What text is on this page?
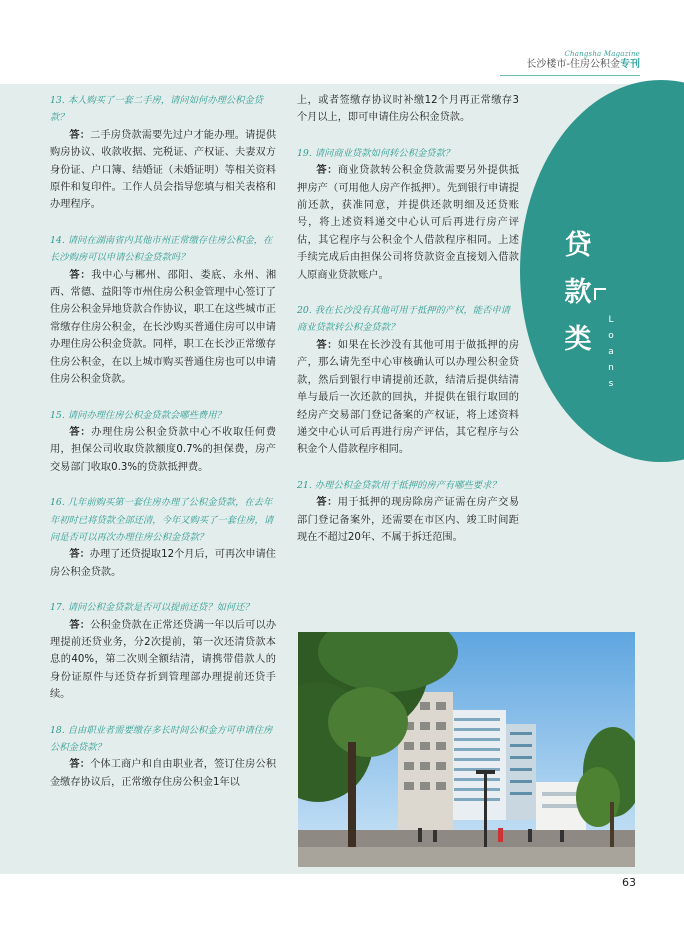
Changsha Magazine
长沙楼市-住房公积金专刊
贷
款
类
L
o
a
n
s

13. 本人购买了一套二手房，请问如何办理公积金贷款？

答：二手房贷款需要先过户才能办理。请提供购房协议、收款收据、完税证、产权证、夫妻双方身份证、户口簿、结婚证（未婚证明）等相关资料原件和复印件。工作人员会指导您填与相关表格和办理程序。

14. 请问在湖南省内其他市州正常缴存住房公积金，在长沙购房可以申请公积金贷款吗？

答：我中心与郴州、邵阳、娄底、永州、湘西、常德、益阳等市州住房公积金管理中心签订了住房公积金异地贷款合作协议，职工在这些城市正常缴存住房公积金，在长沙购买普通住房可以申请办理住房公积金贷款。同样，职工在长沙正常缴存住房公积金，在以上城市购买普通住房也可以申请住房公积金贷款。

15. 请问办理住房公积金贷款会哪些费用？

答：办理住房公积金贷款中心不收取任何费用，担保公司收取贷款额度0.7%的担保费，房产交易部门收取0.3%的贷款抵押费。

16. 几年前购买第一套住房办理了公积金贷款，在去年年初时已将贷款全部还清，今年又购买了一套住房，请问是否可以再次办理住房公积金贷款？

答：办理了还贷提取12个月后，可再次申请住房公积金贷款。

17. 请问公积金贷款是否可以提前还贷？如何还？

答：公积金贷款在正常还贷满一年以后可以办理提前还贷业务，分2次提前，第一次还清贷款本息的40%，第二次则全额结清，请携带借款人的身份证原件与还贷存折到管理部办理提前还贷手续。

18. 自由职业者需要缴存多长时间公积金方可申请住房公积金贷款？

答：个体工商户和自由职业者，签订住房公积金缴存协议后，正常缴存住房公积金1年以

上，或者签缴存协议时补缴12个月再正常缴存3个月以上，即可申请住房公积金贷款。

19. 请问商业贷款如何转公积金贷款？

答：商业贷款转公积金贷款需要另外提供抵押房产（可用他人房产作抵押）。先到银行申请提前还款，获准同意，并提供还款明细及还贷账号，将上述资料递交中心认可后再进行房产评估，其它程序与公积金个人借款程序相同。上述手续完成后由担保公司将贷款资金直接划入借款人原商业贷款账户。

20. 我在长沙没有其他可用于抵押的产权，能否申请商业贷款转公积金贷款？

答：如果在长沙没有其他可用于做抵押的房产，那么请先至中心审核确认可以办理公积金贷款，然后到银行申请提前还款，结清后提供结清单与最后一次还款的回执，并提供在银行取回的经房产交易部门登记备案的产权证，将上述资料递交中心认可后再进行房产评估，其它程序与公积金个人借款程序相同。

21. 办理公积金贷款用于抵押的房产有哪些要求？

答：用于抵押的现房除房产证需在房产交易部门登记备案外，还需要在市区内、竣工时间距现在不超过20年、不属于拆迁范围。

63
